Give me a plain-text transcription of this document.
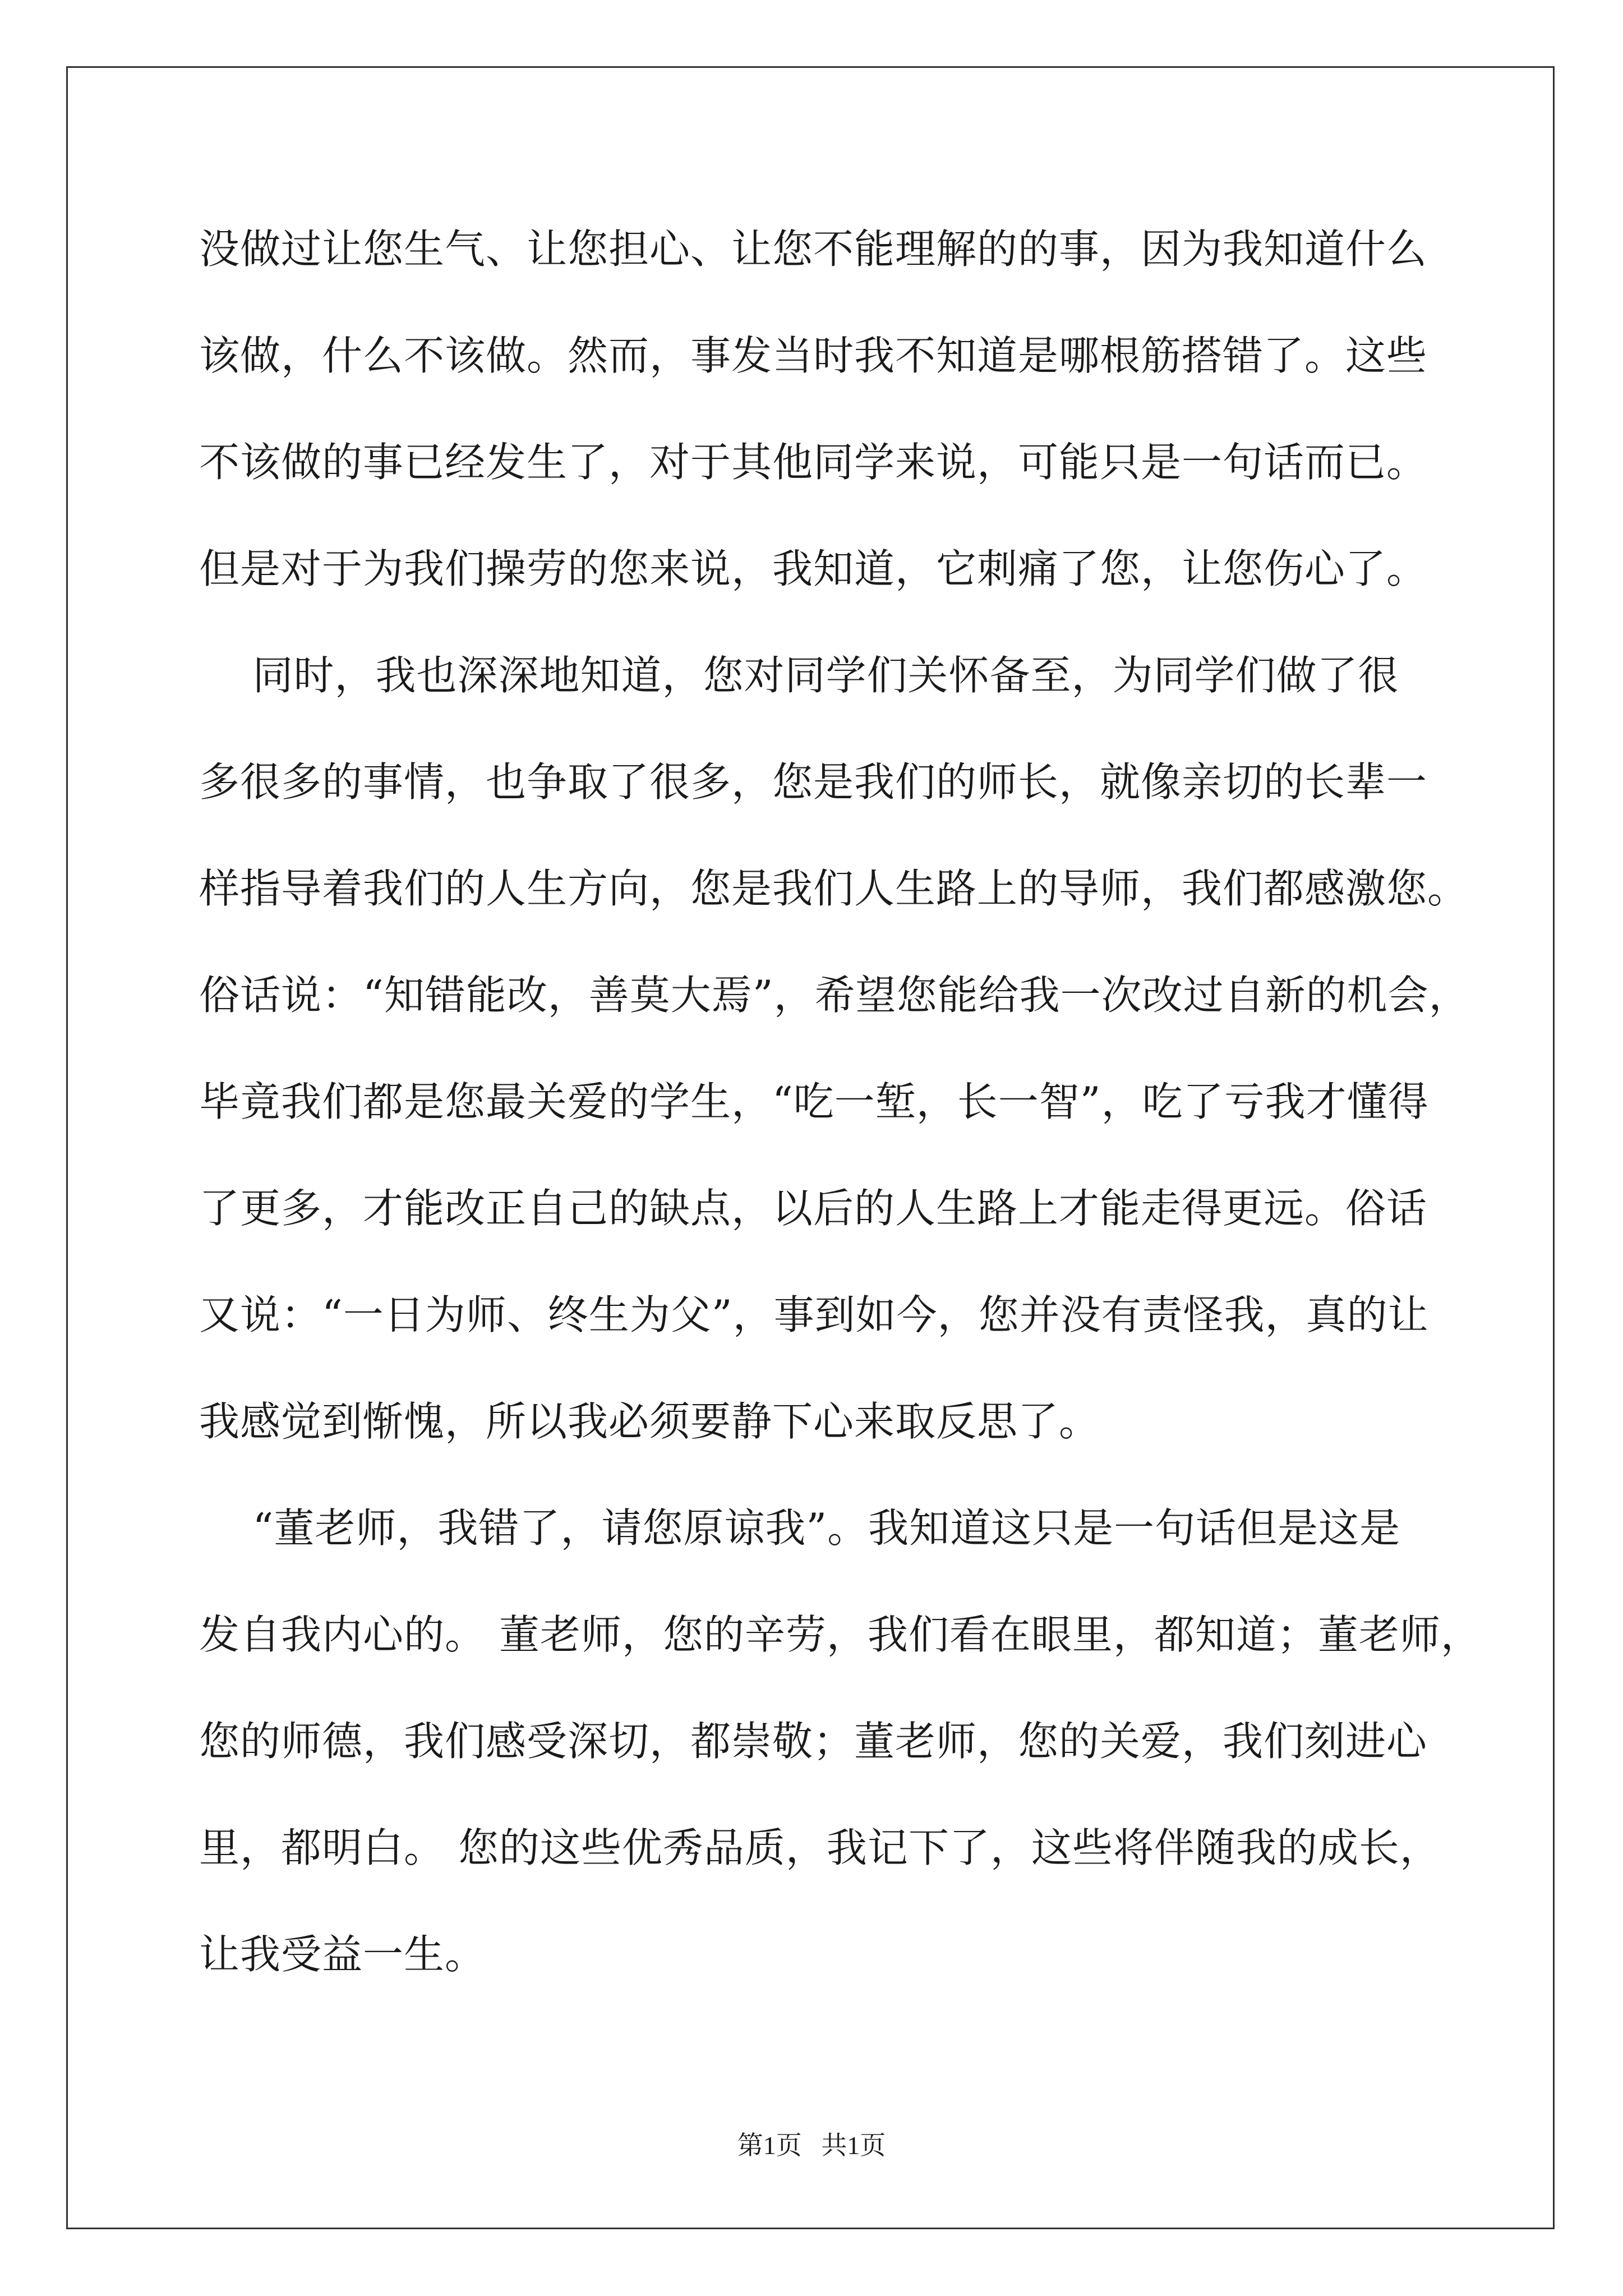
没做过让您生气、让您担心、让您不能理解的的事，因为我知道什么
该做，什么不该做。然而，事发当时我不知道是哪根筋搭错了。这些
不该做的事已经发生了，对于其他同学来说，可能只是一句话而已。
但是对于为我们操劳的您来说，我知道，它刺痛了您，让您伤心了。
同时，我也深深地知道，您对同学们关怀备至，为同学们做了很
多很多的事情，也争取了很多，您是我们的师长，就像亲切的长辈一
样指导着我们的人生方向，您是我们人生路上的导师，我们都感激您。
俗话说：“知错能改，善莫大焉”，希望您能给我一次改过自新的机会，
毕竟我们都是您最关爱的学生，“吃一堑，长一智”，吃了亏我才懂得
了更多，才能改正自己的缺点，以后的人生路上才能走得更远。俗话
又说：“一日为师、终生为父”，事到如今，您并没有责怪我，真的让
我感觉到惭愧，所以我必须要静下心来取反思了。
“董老师，我错了，请您原谅我”。我知道这只是一句话但是这是
发自我内心的。 董老师，您的辛劳，我们看在眼里，都知道；董老师，
您的师德，我们感受深切，都崇敬；董老师，您的关爱，我们刻进心
里，都明白。 您的这些优秀品质，我记下了，这些将伴随我的成长，
让我受益一生。
第1页   共1页
